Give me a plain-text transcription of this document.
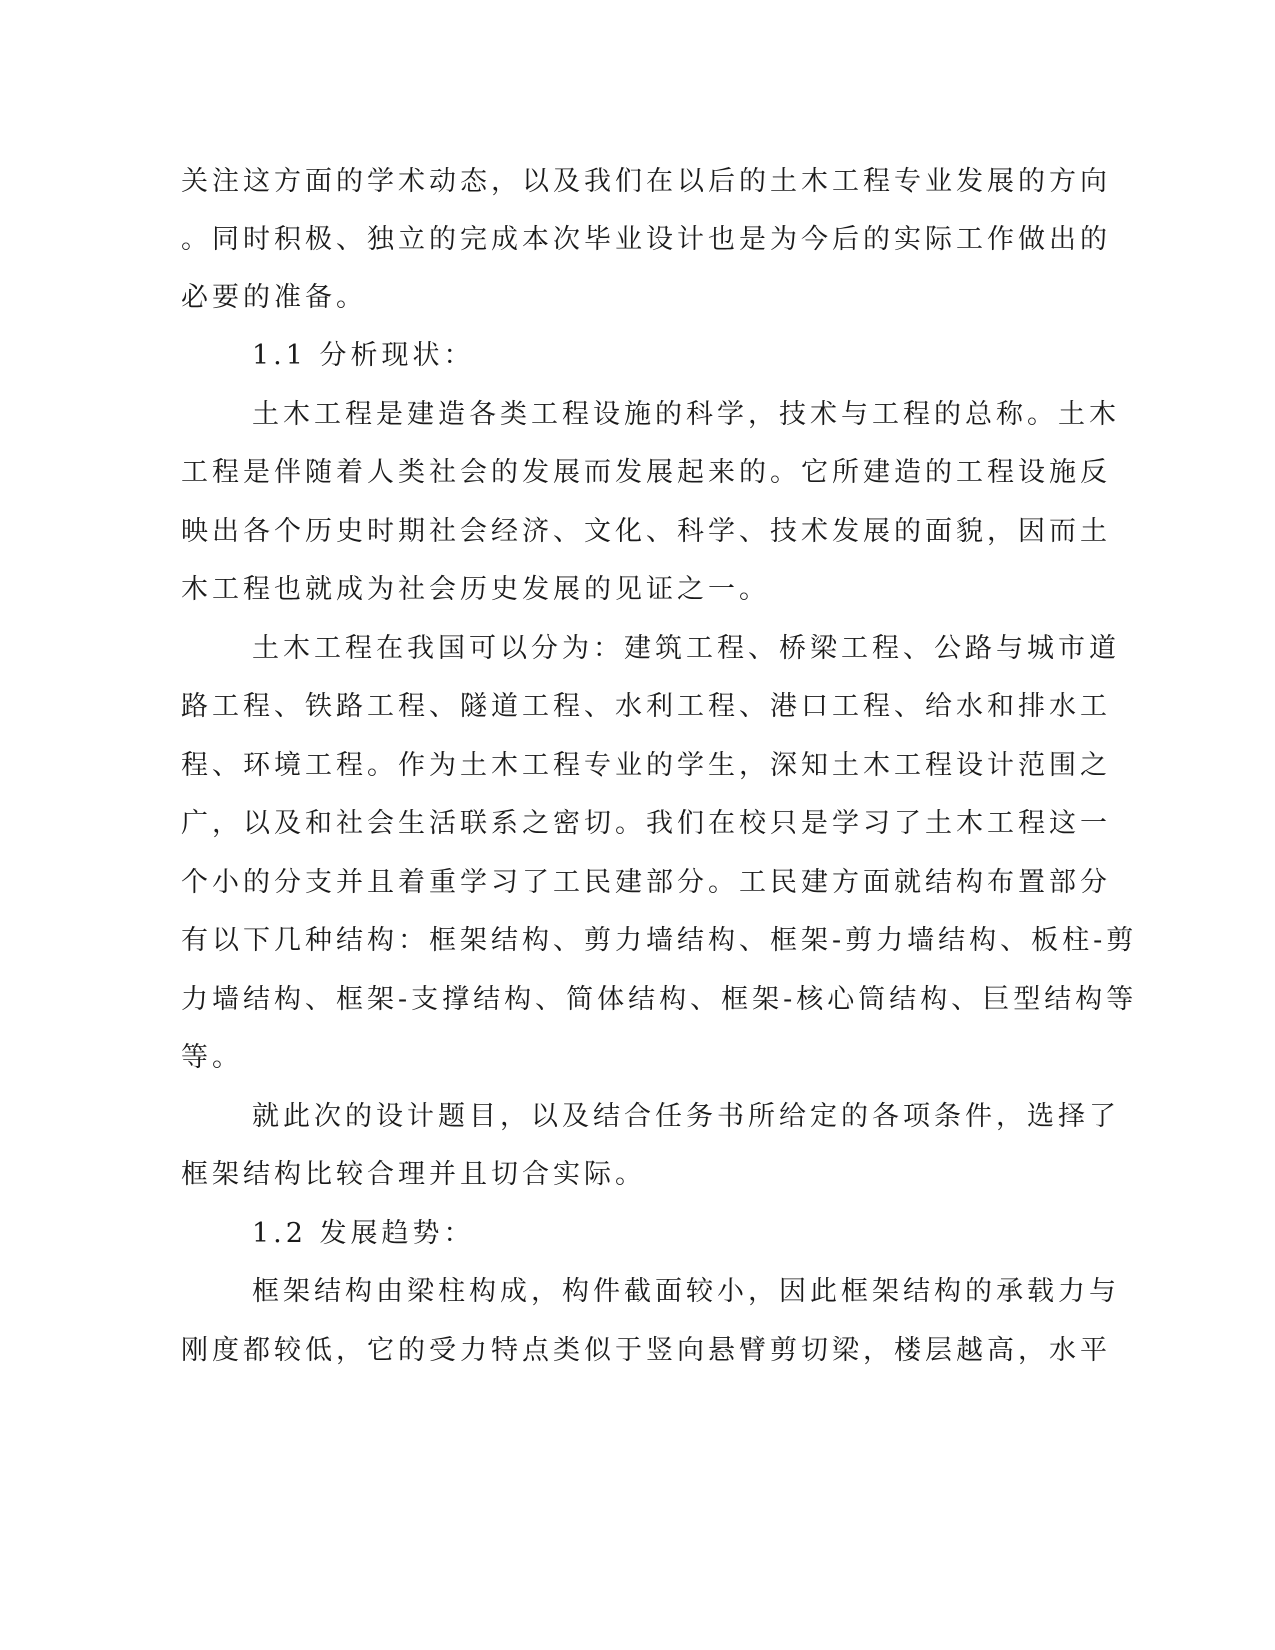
关注这方面的学术动态，以及我们在以后的土木工程专业发展的方向

。同时积极、独立的完成本次毕业设计也是为今后的实际工作做出的

必要的准备。

1.1 分析现状：

土木工程是建造各类工程设施的科学，技术与工程的总称。土木

工程是伴随着人类社会的发展而发展起来的。它所建造的工程设施反

映出各个历史时期社会经济、文化、科学、技术发展的面貌，因而土

木工程也就成为社会历史发展的见证之一。

土木工程在我国可以分为：建筑工程、桥梁工程、公路与城市道

路工程、铁路工程、隧道工程、水利工程、港口工程、给水和排水工

程、环境工程。作为土木工程专业的学生，深知土木工程设计范围之

广，以及和社会生活联系之密切。我们在校只是学习了土木工程这一

个小的分支并且着重学习了工民建部分。工民建方面就结构布置部分

有以下几种结构：框架结构、剪力墙结构、框架-剪力墙结构、板柱-剪

力墙结构、框架-支撑结构、简体结构、框架-核心筒结构、巨型结构等

等。

就此次的设计题目，以及结合任务书所给定的各项条件，选择了

框架结构比较合理并且切合实际。

1.2 发展趋势：

框架结构由梁柱构成，构件截面较小，因此框架结构的承载力与

刚度都较低，它的受力特点类似于竖向悬臂剪切梁，楼层越高，水平
